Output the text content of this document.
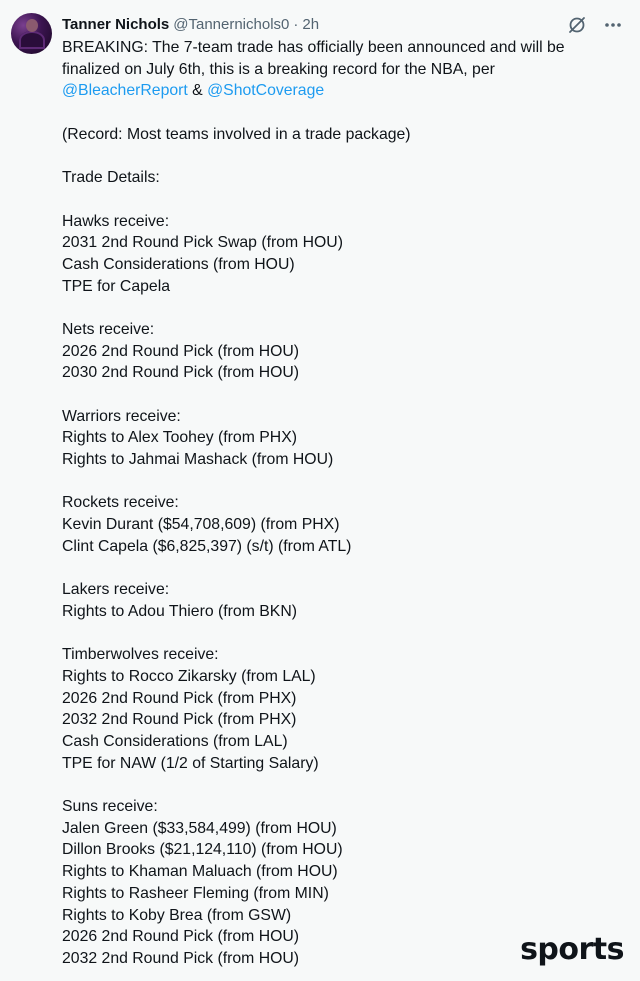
Tanner Nichols @Tannernichols0 · 2h
BREAKING: The 7-team trade has officially been announced and will be
finalized on July 6th, this is a breaking record for the NBA, per
@BleacherReport & @ShotCoverage
(Record: Most teams involved in a trade package)
Trade Details:
Hawks receive:
2031 2nd Round Pick Swap (from HOU)
Cash Considerations (from HOU)
TPE for Capela
Nets receive:
2026 2nd Round Pick (from HOU)
2030 2nd Round Pick (from HOU)
Warriors receive:
Rights to Alex Toohey (from PHX)
Rights to Jahmai Mashack (from HOU)
Rockets receive:
Kevin Durant ($54,708,609) (from PHX)
Clint Capela ($6,825,397) (s/t) (from ATL)
Lakers receive:
Rights to Adou Thiero (from BKN)
Timberwolves receive:
Rights to Rocco Zikarsky (from LAL)
2026 2nd Round Pick (from PHX)
2032 2nd Round Pick (from PHX)
Cash Considerations (from LAL)
TPE for NAW (1/2 of Starting Salary)
Suns receive:
Jalen Green ($33,584,499) (from HOU)
Dillon Brooks ($21,124,110) (from HOU)
Rights to Khaman Maluach (from HOU)
Rights to Rasheer Fleming (from MIN)
Rights to Koby Brea (from GSW)
2026 2nd Round Pick (from HOU)
2032 2nd Round Pick (from HOU)	sports
